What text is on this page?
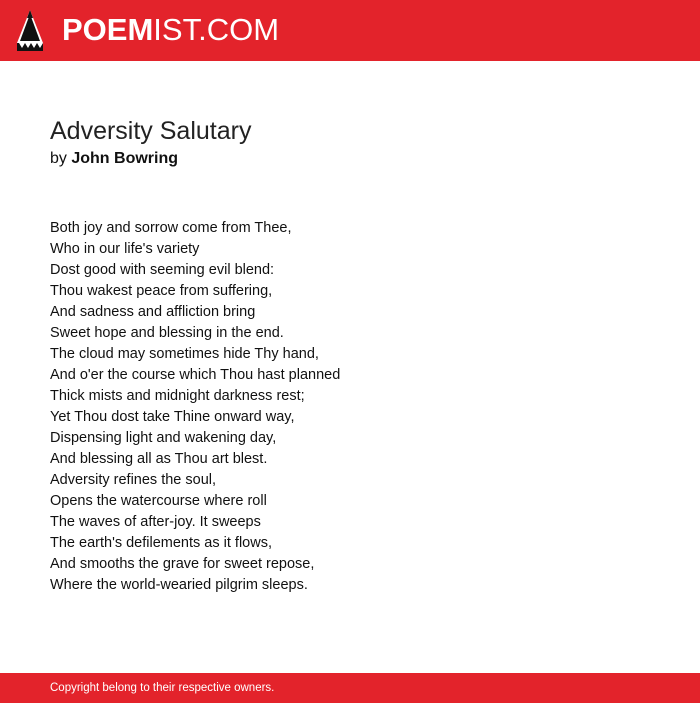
POEMIST.COM
Adversity Salutary
by John Bowring
Both joy and sorrow come from Thee,
Who in our life's variety
Dost good with seeming evil blend:
Thou wakest peace from suffering,
And sadness and affliction bring
Sweet hope and blessing in the end.
The cloud may sometimes hide Thy hand,
And o'er the course which Thou hast planned
Thick mists and midnight darkness rest;
Yet Thou dost take Thine onward way,
Dispensing light and wakening day,
And blessing all as Thou art blest.
Adversity refines the soul,
Opens the watercourse where roll
The waves of after-joy. It sweeps
The earth's defilements as it flows,
And smooths the grave for sweet repose,
Where the world-wearied pilgrim sleeps.
Copyright belong to their respective owners.
